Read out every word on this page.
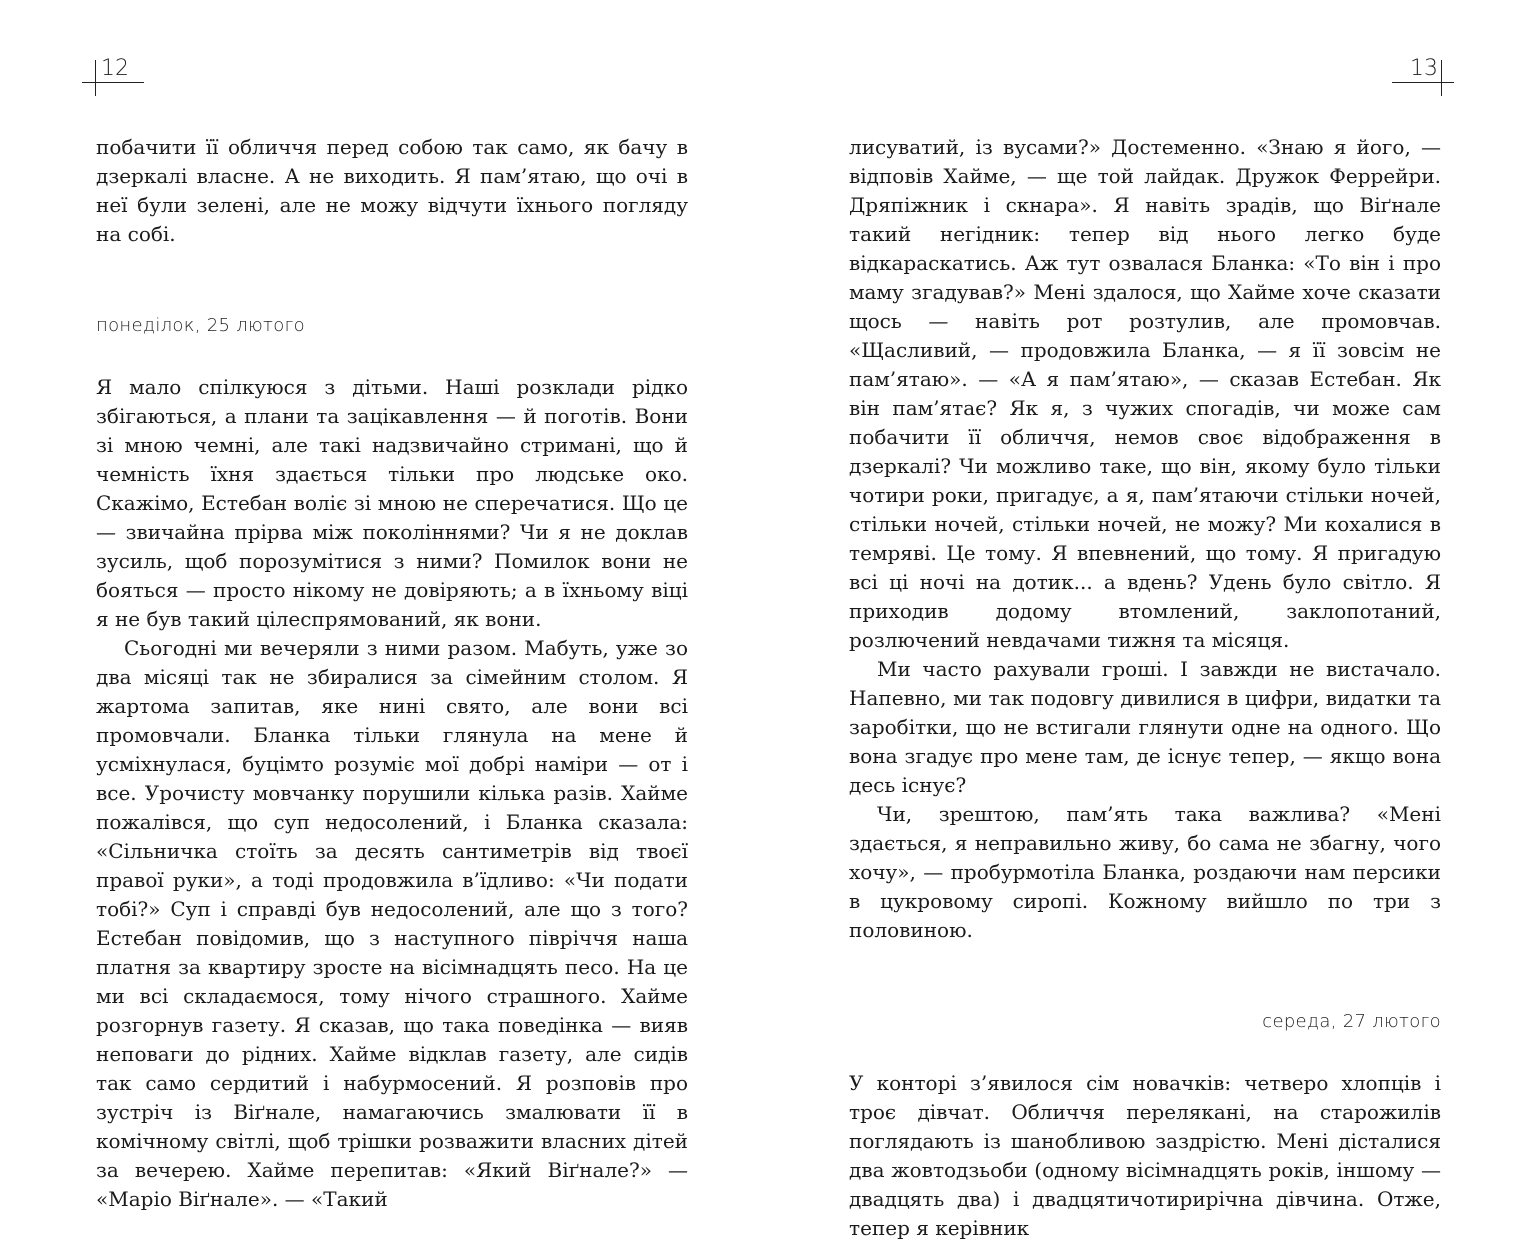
12	13

побачити її обличчя перед собою так само, як бачу в дзеркалі власне. А не виходить. Я пам’ятаю, що очі в неї були зелені, але не можу відчути їхнього погляду на собі.

понеділок, 25 лютого

Я мало спілкуюся з дітьми. Наші розклади рідко збігаються, а плани та зацікавлення — й поготів. Вони зі мною чемні, але такі надзвичайно стримані, що й чемність їхня здається тільки про людське око. Скажімо, Естебан воліє зі мною не сперечатися. Що це — звичайна прірва між поколіннями? Чи я не доклав зусиль, щоб порозумітися з ними? Помилок вони не бояться — просто нікому не довіряють; а в їхньому віці я не був такий цілеспрямований, як вони.

Сьогодні ми вечеряли з ними разом. Мабуть, уже зо два місяці так не збиралися за сімейним столом. Я жартома запитав, яке нині свято, але вони всі промовчали. Бланка тільки глянула на мене й усміхнулася, буцімто розуміє мої добрі наміри — от і все. Урочисту мовчанку порушили кілька разів. Хайме пожалівся, що суп недосолений, і Бланка сказала: «Сільничка стоїть за десять сантиметрів від твоєї правої руки», а тоді продовжила в’їдливо: «Чи подати тобі?» Суп і справді був недосолений, але що з того? Естебан повідомив, що з наступного півріччя наша платня за квартиру зросте на вісімнадцять песо. На це ми всі складаємося, тому нічого страшного. Хайме розгорнув газету. Я сказав, що така поведінка — вияв неповаги до рідних. Хайме відклав газету, але сидів так само сердитий і набурмосений. Я розповів про зустріч із Віґнале, намагаючись змалювати її в комічному світлі, щоб трішки розважити власних дітей за вечерею. Хайме перепитав: «Який Віґнале?» — «Маріо Віґнале». — «Такий

лисуватий, із вусами?» Достеменно. «Знаю я його, — відповів Хайме, — ще той лайдак. Дружок Феррейри. Дряпіжник і скнара». Я навіть зрадів, що Віґнале такий негідник: тепер від нього легко буде відкараскатись. Аж тут озвалася Бланка: «То він і про маму згадував?» Мені здалося, що Хайме хоче сказати щось — навіть рот розтулив, але промовчав. «Щасливий, — продовжила Бланка, — я її зовсім не пам’ятаю». — «А я пам’ятаю», — сказав Естебан. Як він пам’ятає? Як я, з чужих спогадів, чи може сам побачити її обличчя, немов своє відображення в дзеркалі? Чи можливо таке, що він, якому було тільки чотири роки, пригадує, а я, пам’ятаючи стільки ночей, стільки ночей, стільки ночей, не можу? Ми кохалися в темряві. Це тому. Я впевнений, що тому. Я пригадую всі ці ночі на дотик... а вдень? Удень було світло. Я приходив додому втомлений, заклопотаний, розлючений невдачами тижня та місяця.

Ми часто рахували гроші. І завжди не вистачало. Напевно, ми так подовгу дивилися в цифри, видатки та заробітки, що не встигали глянути одне на одного. Що вона згадує про мене там, де існує тепер, — якщо вона десь існує?

Чи, зрештою, пам’ять така важлива? «Мені здається, я неправильно живу, бо сама не збагну, чого хочу», — пробурмотіла Бланка, роздаючи нам персики в цукровому сиропі. Кожному вийшло по три з половиною.

середа, 27 лютого

У конторі з’явилося сім новачків: четверо хлопців і троє дівчат. Обличчя перелякані, на старожилів поглядають із шанобливою заздрістю. Мені дісталися два жовтодзьоби (одному вісімнадцять років, іншому — двадцять два) і двадцятичотирирічна дівчина. Отже, тепер я керівник
